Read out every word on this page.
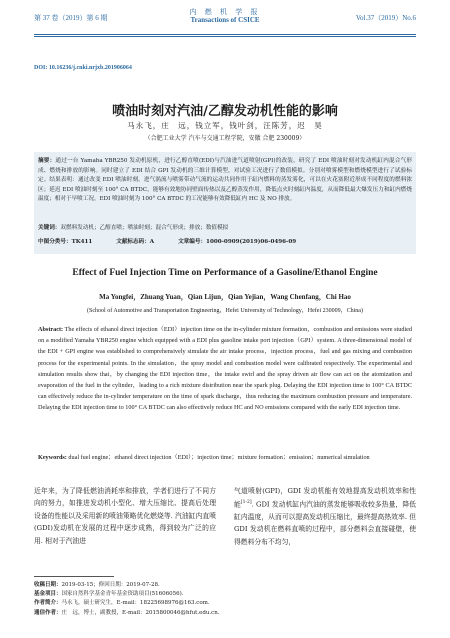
第 37 卷（2019）第 6 期
内 燃 机 学 报
Transactions of CSICE	Vol.37（2019）No.6
DOI: 10.16236/j.cnki.nrjxb.201906064
喷油时刻对汽油/乙醇发动机性能的影响
马永飞，庄　远，钱立军，钱叶剑，汪陈芳，迟　昊
（合肥工业大学 汽车与交通工程学院，安徽 合肥 230009）
摘要：通过一台 Yamaha YBR250 发动机原机，进行乙醇直喷(EDI)与汽油进气道喷射(GPI)的改装，研究了 EDI 喷油时刻对发动机缸内混合气形成、燃烧和排放的影响。同时建立了 EDI 结合 GPI 发动机的三维计算模型，对试验工况进行了数值模拟。分别对喷雾模型和燃烧模型进行了试验标定。结果表明：通过改变 EDI 喷油时刻，进气涡流与喷雾带动气流的运动共同作用于缸内燃料的蒸发雾化，可以在火花塞附近形成不同程度的燃料浓区；延迟 EDI 喷油时刻至 100° CA BTDC，能够有效地协同壁面传热以及乙醇蒸发作用，降低点火时刻缸内温度，从而降低最大爆发压力和缸内燃烧温度；相对于早喷工况，EDI 喷油时刻为 100° CA BTDC 的工况能够有效降低缸内 HC 及 NO 排放。
关键词：双燃料发动机；乙醇直喷；喷油时刻；混合气形成；排放；数值模拟
中图分类号：TK411	文献标志码：A	文章编号：1000-0909(2019)06-0496-09
Effect of Fuel Injection Time on Performance of a Gasoline/Ethanol Engine
Ma Yongfei，Zhuang Yuan，Qian Lijun，Qian Yejian，Wang Chenfang，Chi Hao
(School of Automotive and Transportation Engineering，Hefei University of Technology，Hefei 230009，China)
Abstract: The effects of ethanol direct injection（EDI）injection time on the in-cylinder mixture formation，combustion and emissions were studied on a modified Yamaha YBR250 engine which equipped with a EDI plus gasoline intake port injection（GPI）system. A three-dimensional model of the EDI + GPI engine was established to comprehensively simulate the air intake process，injection process，fuel and gas mixing and combustion process for the experimental points. In the simulation，the spray model and combustion model were calibrated respectively. The experimental and simulation results show that，by changing the EDI injection time，the intake swirl and the spray driven air flow can act on the atomization and evaporation of the fuel in the cylinder，leading to a rich mixture distribution near the spark plug. Delaying the EDI injection time to 100° CA BTDC can effectively reduce the in-cylinder temperature on the time of spark discharge，thus reducing the maximum combustion pressure and temperature. Delaying the EDI injection time to 100° CA BTDC can also effectively reduce HC and NO emissions compared with the early EDI injection time.
Keywords: dual fuel engine；ethanol direct injection（EDI）；injection time；mixture formation；emission；numerical simulation
近年来，为了降低燃油消耗率和排放，学者们进行了不同方向的努力，如推进发动机小型化、增大压缩比、提高后处理设备的性能以及采用新的喷油策略优化燃烧等. 汽油缸内直喷(GDI)发动机在发展的过程中逐步成熟，得到较为广泛的应用. 相对于汽油进
气道喷射(GPI)，GDI 发动机能有效地提高发动机效率和性能[1-2]. GDI 发动机缸内汽油的蒸发能够吸收较多热量，降低缸内温度，从而可以提高发动机压缩比，最终提高热效率. 但 GDI 发动机在燃料直喷的过程中，部分燃料会直接碰壁，使得燃料分布不均匀，
收稿日期：2019-03-15；修回日期：2019-07-28.
基金项目：国家自然科学基金青年基金资助项目(51606056).
作者简介：马永飞，硕士研究生，E-mail：18225698976@163.com.
通信作者：庄　远，博士，副教授，E-mail：2015800046@hfut.edu.cn.
